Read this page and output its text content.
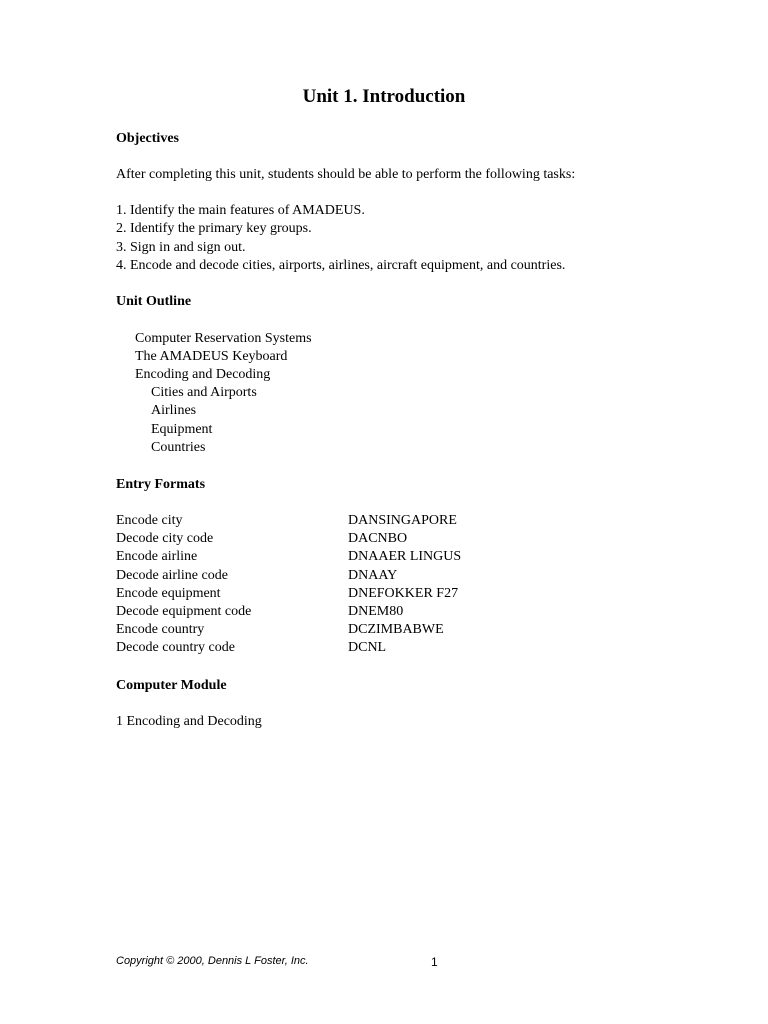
Unit 1. Introduction
Objectives
After completing this unit, students should be able to perform the following tasks:
1. Identify the main features of AMADEUS.
2. Identify the primary key groups.
3. Sign in and sign out.
4. Encode and decode cities, airports, airlines, aircraft equipment, and countries.
Unit Outline
Computer Reservation Systems
The AMADEUS Keyboard
Encoding and Decoding
Cities and Airports
Airlines
Equipment
Countries
Entry Formats
Encode city	DANSINGAPORE
Decode city code	DACNBO
Encode airline	DNAAER LINGUS
Decode airline code	DNAAY
Encode equipment	DNEFOKKER F27
Decode equipment code	DNEM80
Encode country	DCZIMBABWE
Decode country code	DCNL
Computer Module
1 Encoding and Decoding
Copyright © 2000, Dennis L Foster, Inc.	1
